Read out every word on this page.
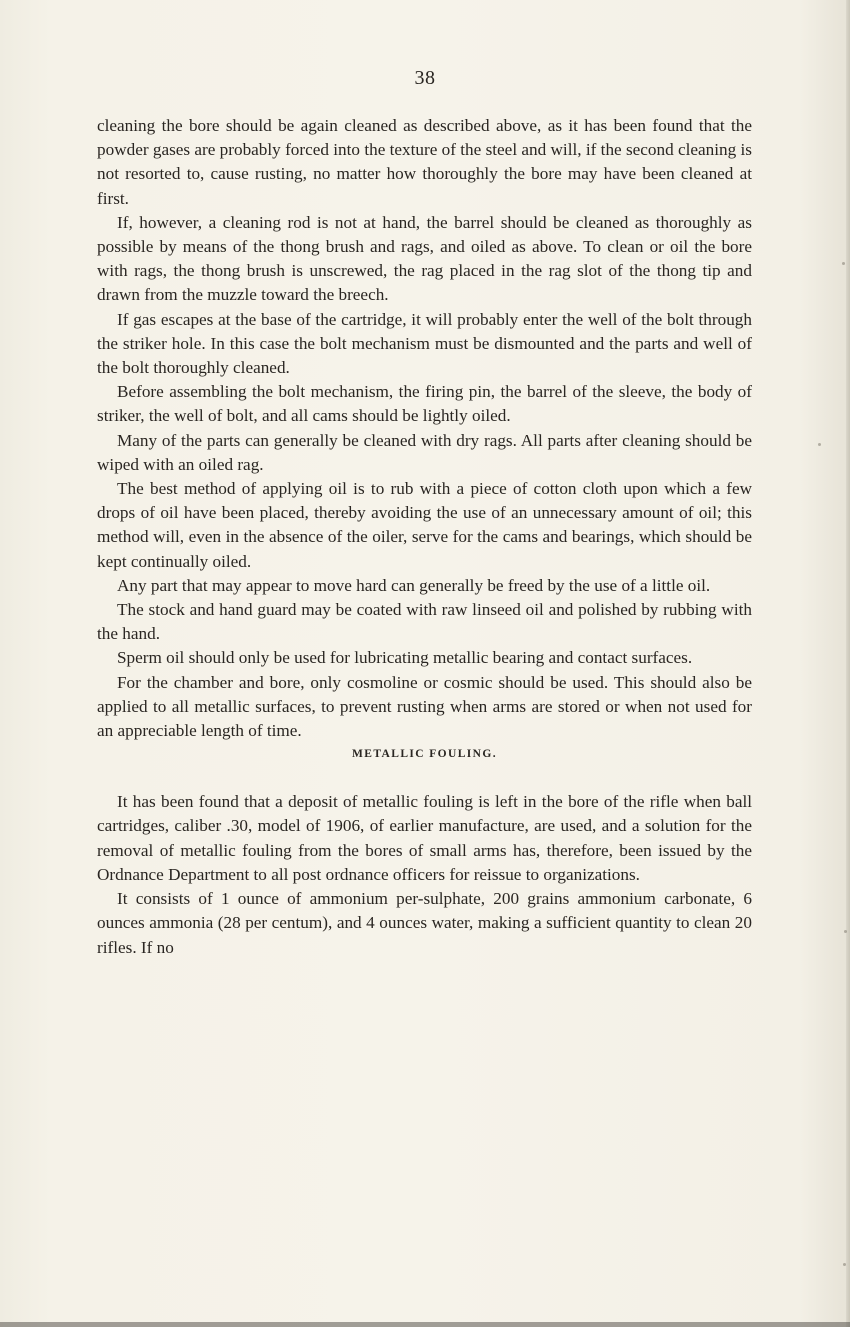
38

cleaning the bore should be again cleaned as described above, as it has been found that the powder gases are probably forced into the texture of the steel and will, if the second cleaning is not resorted to, cause rusting, no matter how thoroughly the bore may have been cleaned at first.

If, however, a cleaning rod is not at hand, the barrel should be cleaned as thoroughly as possible by means of the thong brush and rags, and oiled as above. To clean or oil the bore with rags, the thong brush is unscrewed, the rag placed in the rag slot of the thong tip and drawn from the muzzle toward the breech.

If gas escapes at the base of the cartridge, it will probably enter the well of the bolt through the striker hole. In this case the bolt mechanism must be dismounted and the parts and well of the bolt thoroughly cleaned.

Before assembling the bolt mechanism, the firing pin, the barrel of the sleeve, the body of striker, the well of bolt, and all cams should be lightly oiled.

Many of the parts can generally be cleaned with dry rags. All parts after cleaning should be wiped with an oiled rag.

The best method of applying oil is to rub with a piece of cotton cloth upon which a few drops of oil have been placed, thereby avoiding the use of an unnecessary amount of oil; this method will, even in the absence of the oiler, serve for the cams and bearings, which should be kept continually oiled.

Any part that may appear to move hard can generally be freed by the use of a little oil.

The stock and hand guard may be coated with raw linseed oil and polished by rubbing with the hand.

Sperm oil should only be used for lubricating metallic bearing and contact surfaces.

For the chamber and bore, only cosmoline or cosmic should be used. This should also be applied to all metallic surfaces, to prevent rusting when arms are stored or when not used for an appreciable length of time.

METALLIC FOULING.

It has been found that a deposit of metallic fouling is left in the bore of the rifle when ball cartridges, caliber .30, model of 1906, of earlier manufacture, are used, and a solution for the removal of metallic fouling from the bores of small arms has, therefore, been issued by the Ordnance Department to all post ordnance officers for reissue to organizations.

It consists of 1 ounce of ammonium per-sulphate, 200 grains ammonium carbonate, 6 ounces ammonia (28 per centum), and 4 ounces water, making a sufficient quantity to clean 20 rifles. If no
